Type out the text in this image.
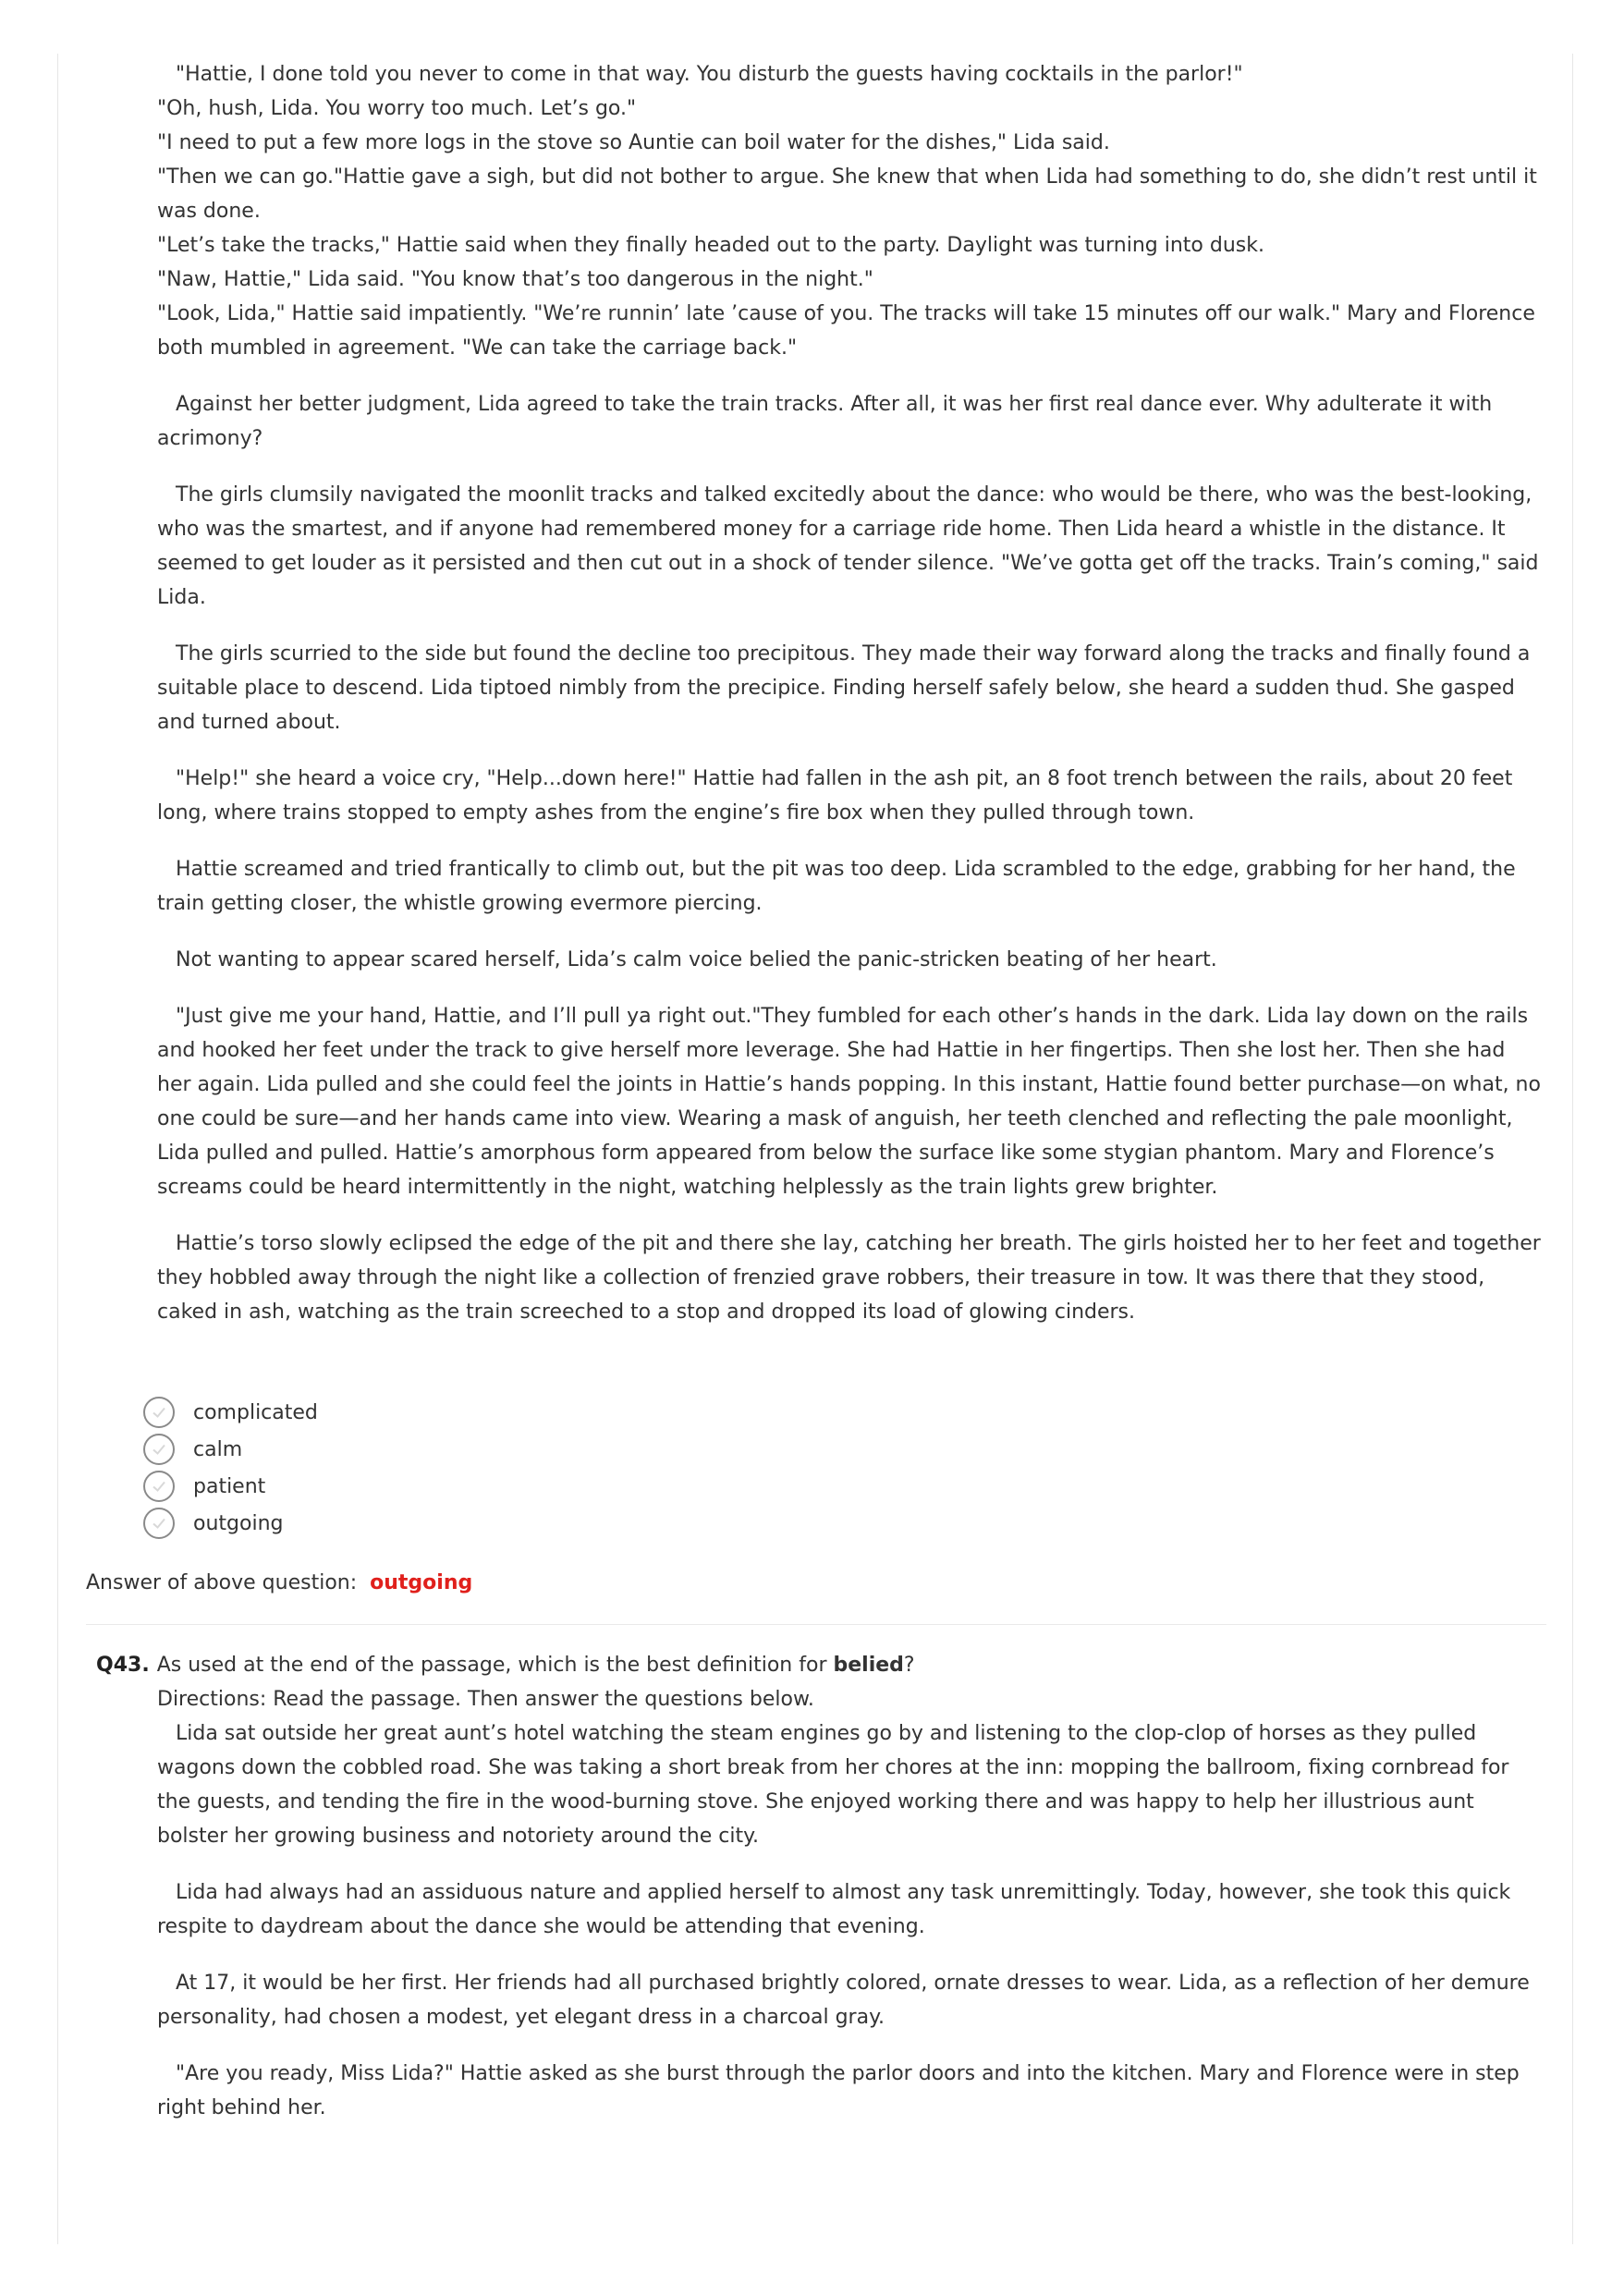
"Hattie, I done told you never to come in that way. You disturb the guests having cocktails in the parlor!"

"Oh, hush, Lida. You worry too much. Let’s go."

"I need to put a few more logs in the stove so Auntie can boil water for the dishes," Lida said.

"Then we can go."Hattie gave a sigh, but did not bother to argue. She knew that when Lida had something to do, she didn’t rest until it was done.

"Let’s take the tracks," Hattie said when they finally headed out to the party. Daylight was turning into dusk.

"Naw, Hattie," Lida said. "You know that’s too dangerous in the night."

"Look, Lida," Hattie said impatiently. "We’re runnin’ late ’cause of you. The tracks will take 15 minutes off our walk." Mary and Florence both mumbled in agreement. "We can take the carriage back."

Against her better judgment, Lida agreed to take the train tracks. After all, it was her first real dance ever. Why adulterate it with acrimony?

The girls clumsily navigated the moonlit tracks and talked excitedly about the dance: who would be there, who was the best-looking, who was the smartest, and if anyone had remembered money for a carriage ride home. Then Lida heard a whistle in the distance. It seemed to get louder as it persisted and then cut out in a shock of tender silence. "We’ve gotta get off the tracks. Train’s coming," said Lida.

The girls scurried to the side but found the decline too precipitous. They made their way forward along the tracks and finally found a suitable place to descend. Lida tiptoed nimbly from the precipice. Finding herself safely below, she heard a sudden thud. She gasped and turned about.

"Help!" she heard a voice cry, "Help...down here!" Hattie had fallen in the ash pit, an 8 foot trench between the rails, about 20 feet long, where trains stopped to empty ashes from the engine’s fire box when they pulled through town.

Hattie screamed and tried frantically to climb out, but the pit was too deep. Lida scrambled to the edge, grabbing for her hand, the train getting closer, the whistle growing evermore piercing.

Not wanting to appear scared herself, Lida’s calm voice belied the panic-stricken beating of her heart.

"Just give me your hand, Hattie, and I’ll pull ya right out."They fumbled for each other’s hands in the dark. Lida lay down on the rails and hooked her feet under the track to give herself more leverage. She had Hattie in her fingertips. Then she lost her. Then she had her again. Lida pulled and she could feel the joints in Hattie’s hands popping. In this instant, Hattie found better purchase—on what, no one could be sure—and her hands came into view. Wearing a mask of anguish, her teeth clenched and reflecting the pale moonlight, Lida pulled and pulled. Hattie’s amorphous form appeared from below the surface like some stygian phantom. Mary and Florence’s screams could be heard intermittently in the night, watching helplessly as the train lights grew brighter.

Hattie’s torso slowly eclipsed the edge of the pit and there she lay, catching her breath. The girls hoisted her to her feet and together they hobbled away through the night like a collection of frenzied grave robbers, their treasure in tow. It was there that they stood, caked in ash, watching as the train screeched to a stop and dropped its load of glowing cinders.

complicated
calm
patient
outgoing
Answer of above question: outgoing
Q43. As used at the end of the passage, which is the best definition for belied?

Directions: Read the passage. Then answer the questions below.

Lida sat outside her great aunt’s hotel watching the steam engines go by and listening to the clop-clop of horses as they pulled wagons down the cobbled road. She was taking a short break from her chores at the inn: mopping the ballroom, fixing cornbread for the guests, and tending the fire in the wood-burning stove. She enjoyed working there and was happy to help her illustrious aunt bolster her growing business and notoriety around the city.

Lida had always had an assiduous nature and applied herself to almost any task unremittingly. Today, however, she took this quick respite to daydream about the dance she would be attending that evening.

At 17, it would be her first. Her friends had all purchased brightly colored, ornate dresses to wear. Lida, as a reflection of her demure personality, had chosen a modest, yet elegant dress in a charcoal gray.

"Are you ready, Miss Lida?" Hattie asked as she burst through the parlor doors and into the kitchen. Mary and Florence were in step right behind her.
